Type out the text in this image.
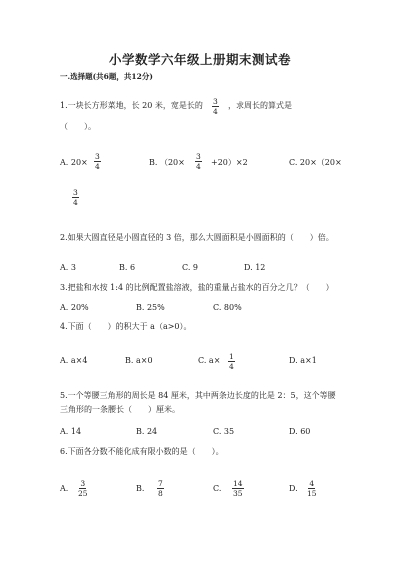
小学数学六年级上册期末测试卷
一.选择题(共6题，共12分)
1.一块长方形菜地，长 20 米，宽是长的 $\frac{3}{4}$ ，求周长的算式是
（　　）。
A. $20\times \frac{3}{4}$	B. $(20\times \frac{3}{4} +20)\times 2$	C. 20×（20×
$\frac{3}{4}$
2.如果大圆直径是小圆直径的 3 倍，那么大圆面积是小圆面积的（　　）倍。
A. 3	B. 6	C. 9	D. 12
3.把盐和水按 1:4 的比例配置盐溶液，盐的重量占盐水的百分之几？（　　）
A. 20%	B. 25%	C. 80%
4.下面（　　）的积大于 a（a>0）。
A. a×4	B. a×0	C. $a\times \frac{1}{4}$	D. a×1
5.一个等腰三角形的周长是 84 厘米，其中两条边长度的比是 2：5，这个等腰
三角形的一条腰长（　　）厘米。
A. 14	B. 24	C. 35	D. 60
6.下面各分数不能化成有限小数的是（　　）。
A. $\frac{3}{25}$	B. $\frac{7}{8}$	C. $\frac{14}{35}$	D. $\frac{4}{15}$
